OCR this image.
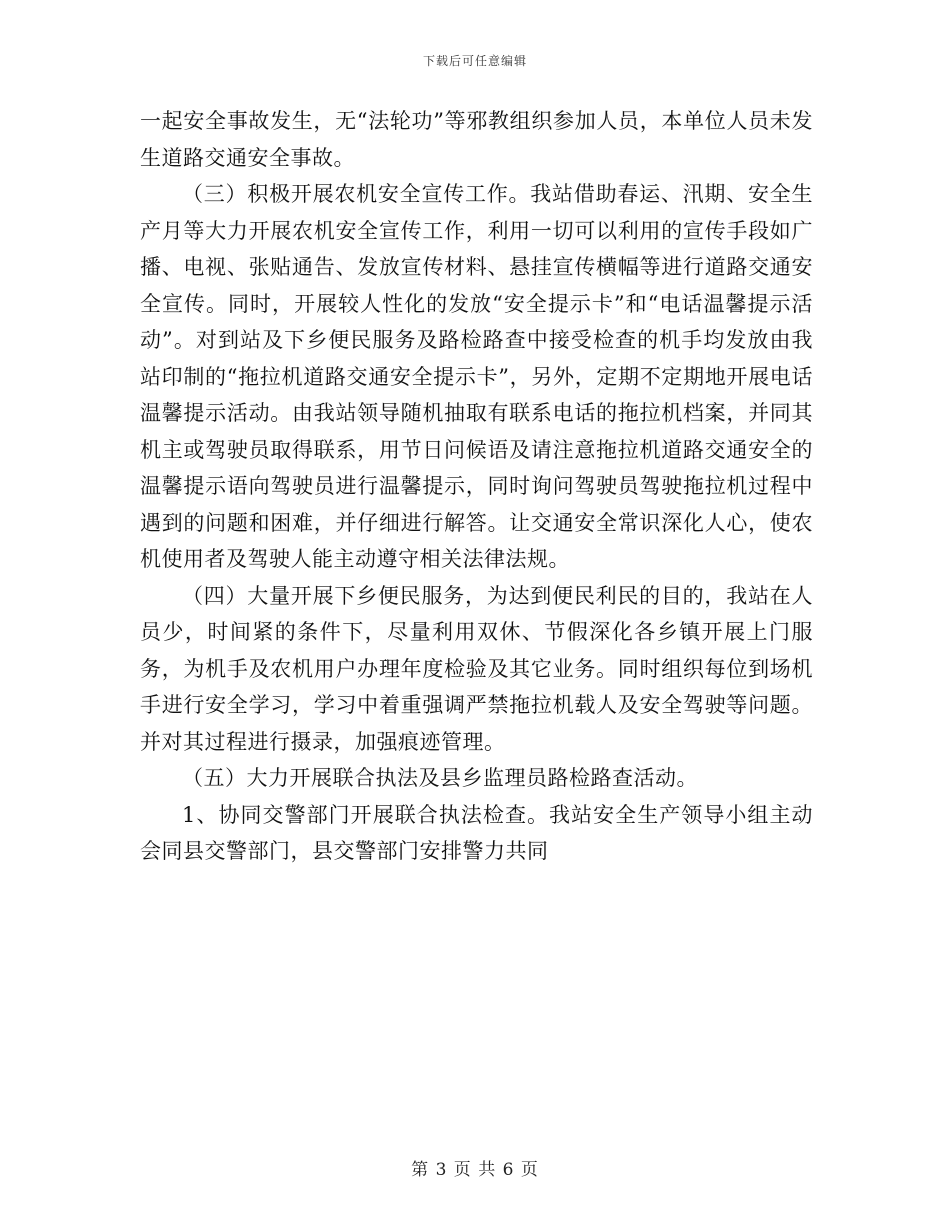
下载后可任意编辑

一起安全事故发生，无“法轮功”等邪教组织参加人员，本单位人员未发生道路交通安全事故。

（三）积极开展农机安全宣传工作。我站借助春运、汛期、安全生产月等大力开展农机安全宣传工作，利用一切可以利用的宣传手段如广播、电视、张贴通告、发放宣传材料、悬挂宣传横幅等进行道路交通安全宣传。同时，开展较人性化的发放“安全提示卡”和“电话温馨提示活动”。对到站及下乡便民服务及路检路查中接受检查的机手均发放由我站印制的“拖拉机道路交通安全提示卡”，另外，定期不定期地开展电话温馨提示活动。由我站领导随机抽取有联系电话的拖拉机档案，并同其机主或驾驶员取得联系，用节日问候语及请注意拖拉机道路交通安全的温馨提示语向驾驶员进行温馨提示，同时询问驾驶员驾驶拖拉机过程中遇到的问题和困难，并仔细进行解答。让交通安全常识深化人心，使农机使用者及驾驶人能主动遵守相关法律法规。

（四）大量开展下乡便民服务，为达到便民利民的目的，我站在人员少，时间紧的条件下，尽量利用双休、节假深化各乡镇开展上门服务，为机手及农机用户办理年度检验及其它业务。同时组织每位到场机手进行安全学习，学习中着重强调严禁拖拉机载人及安全驾驶等问题。并对其过程进行摄录，加强痕迹管理。

（五）大力开展联合执法及县乡监理员路检路查活动。

1、协同交警部门开展联合执法检查。我站安全生产领导小组主动会同县交警部门，县交警部门安排警力共同

第 3 页 共 6 页
